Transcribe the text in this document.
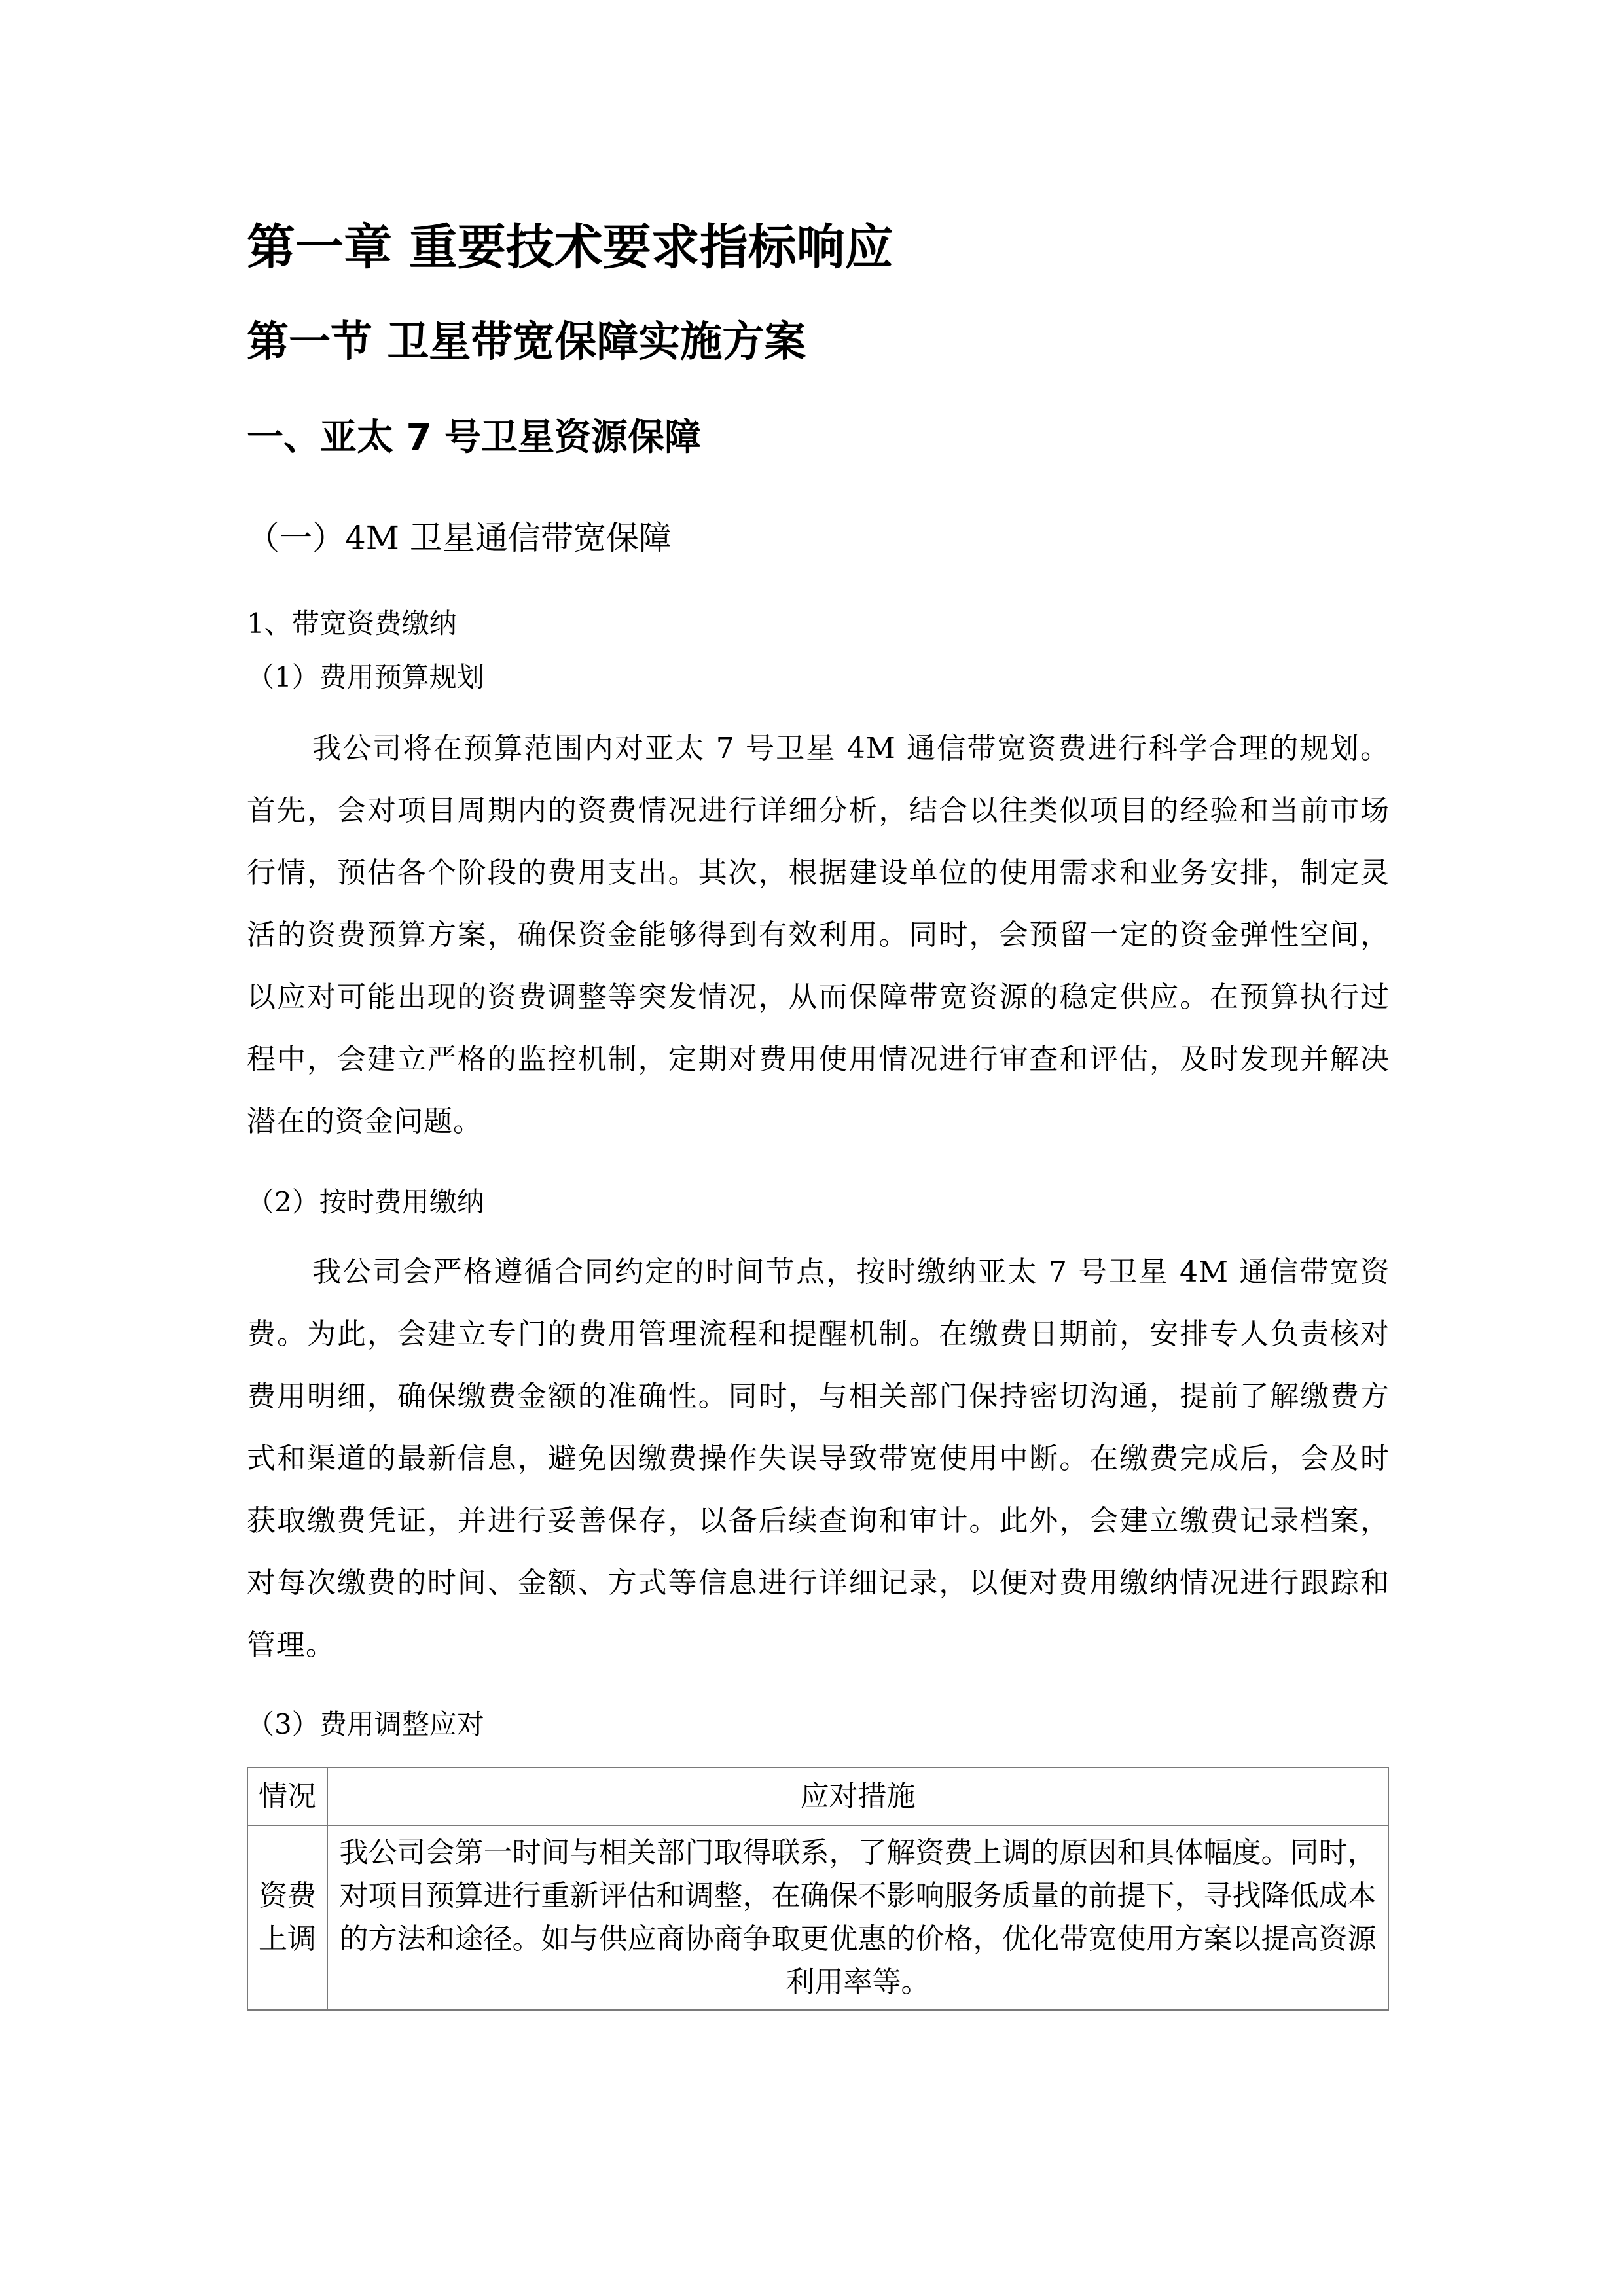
第一章 重要技术要求指标响应
第一节 卫星带宽保障实施方案
一、亚太 7 号卫星资源保障
（一）4M 卫星通信带宽保障
1、带宽资费缴纳
（1）费用预算规划

我公司将在预算范围内对亚太 7 号卫星 4M 通信带宽资费进行科学合理的规划。首先，会对项目周期内的资费情况进行详细分析，结合以往类似项目的经验和当前市场行情，预估各个阶段的费用支出。其次，根据建设单位的使用需求和业务安排，制定灵活的资费预算方案，确保资金能够得到有效利用。同时，会预留一定的资金弹性空间，以应对可能出现的资费调整等突发情况，从而保障带宽资源的稳定供应。在预算执行过程中，会建立严格的监控机制，定期对费用使用情况进行审查和评估，及时发现并解决潜在的资金问题。

（2）按时费用缴纳

我公司会严格遵循合同约定的时间节点，按时缴纳亚太 7 号卫星 4M 通信带宽资费。为此，会建立专门的费用管理流程和提醒机制。在缴费日期前，安排专人负责核对费用明细，确保缴费金额的准确性。同时，与相关部门保持密切沟通，提前了解缴费方式和渠道的最新信息，避免因缴费操作失误导致带宽使用中断。在缴费完成后，会及时获取缴费凭证，并进行妥善保存，以备后续查询和审计。此外，会建立缴费记录档案，对每次缴费的时间、金额、方式等信息进行详细记录，以便对费用缴纳情况进行跟踪和管理。

（3）费用调整应对
情况	应对措施
资费上调	我公司会第一时间与相关部门取得联系，了解资费上调的原因和具体幅度。同时，对项目预算进行重新评估和调整，在确保不影响服务质量的前提下，寻找降低成本的方法和途径。如与供应商协商争取更优惠的价格，优化带宽使用方案以提高资源利用率等。
